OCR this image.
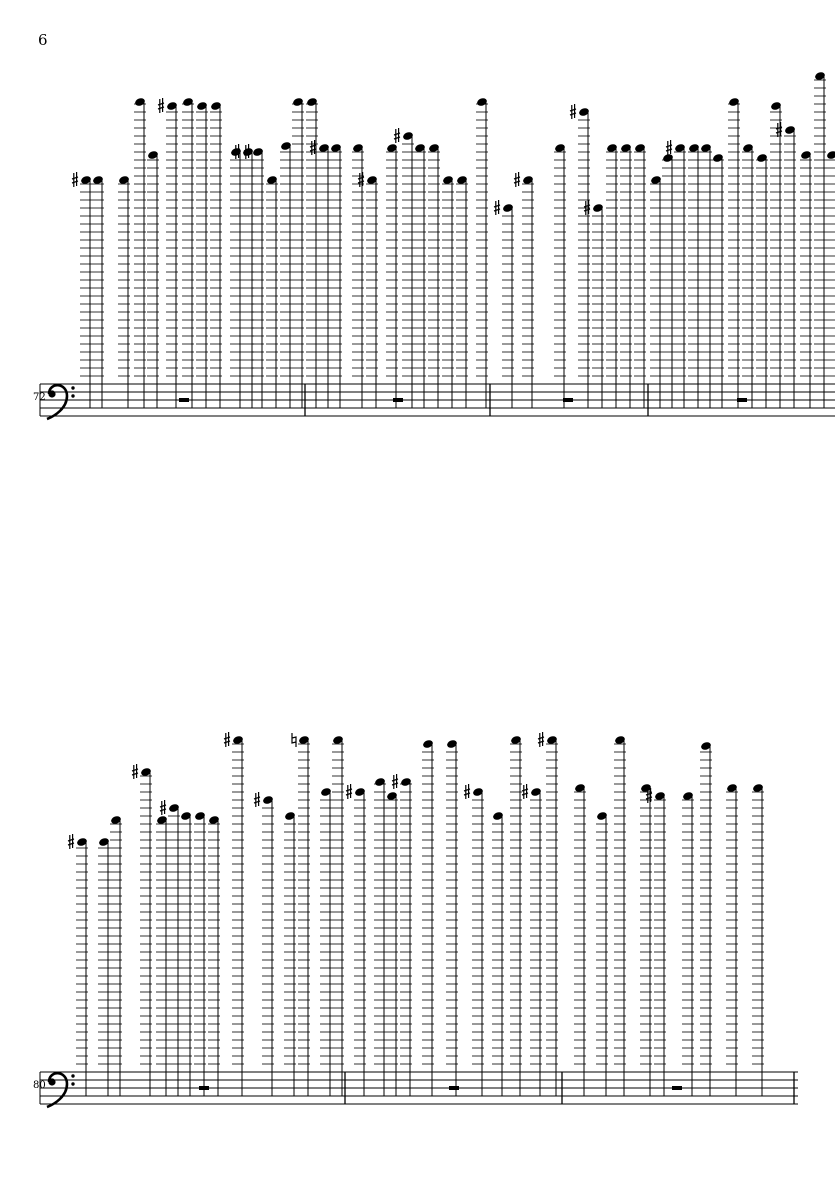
6
72
80
